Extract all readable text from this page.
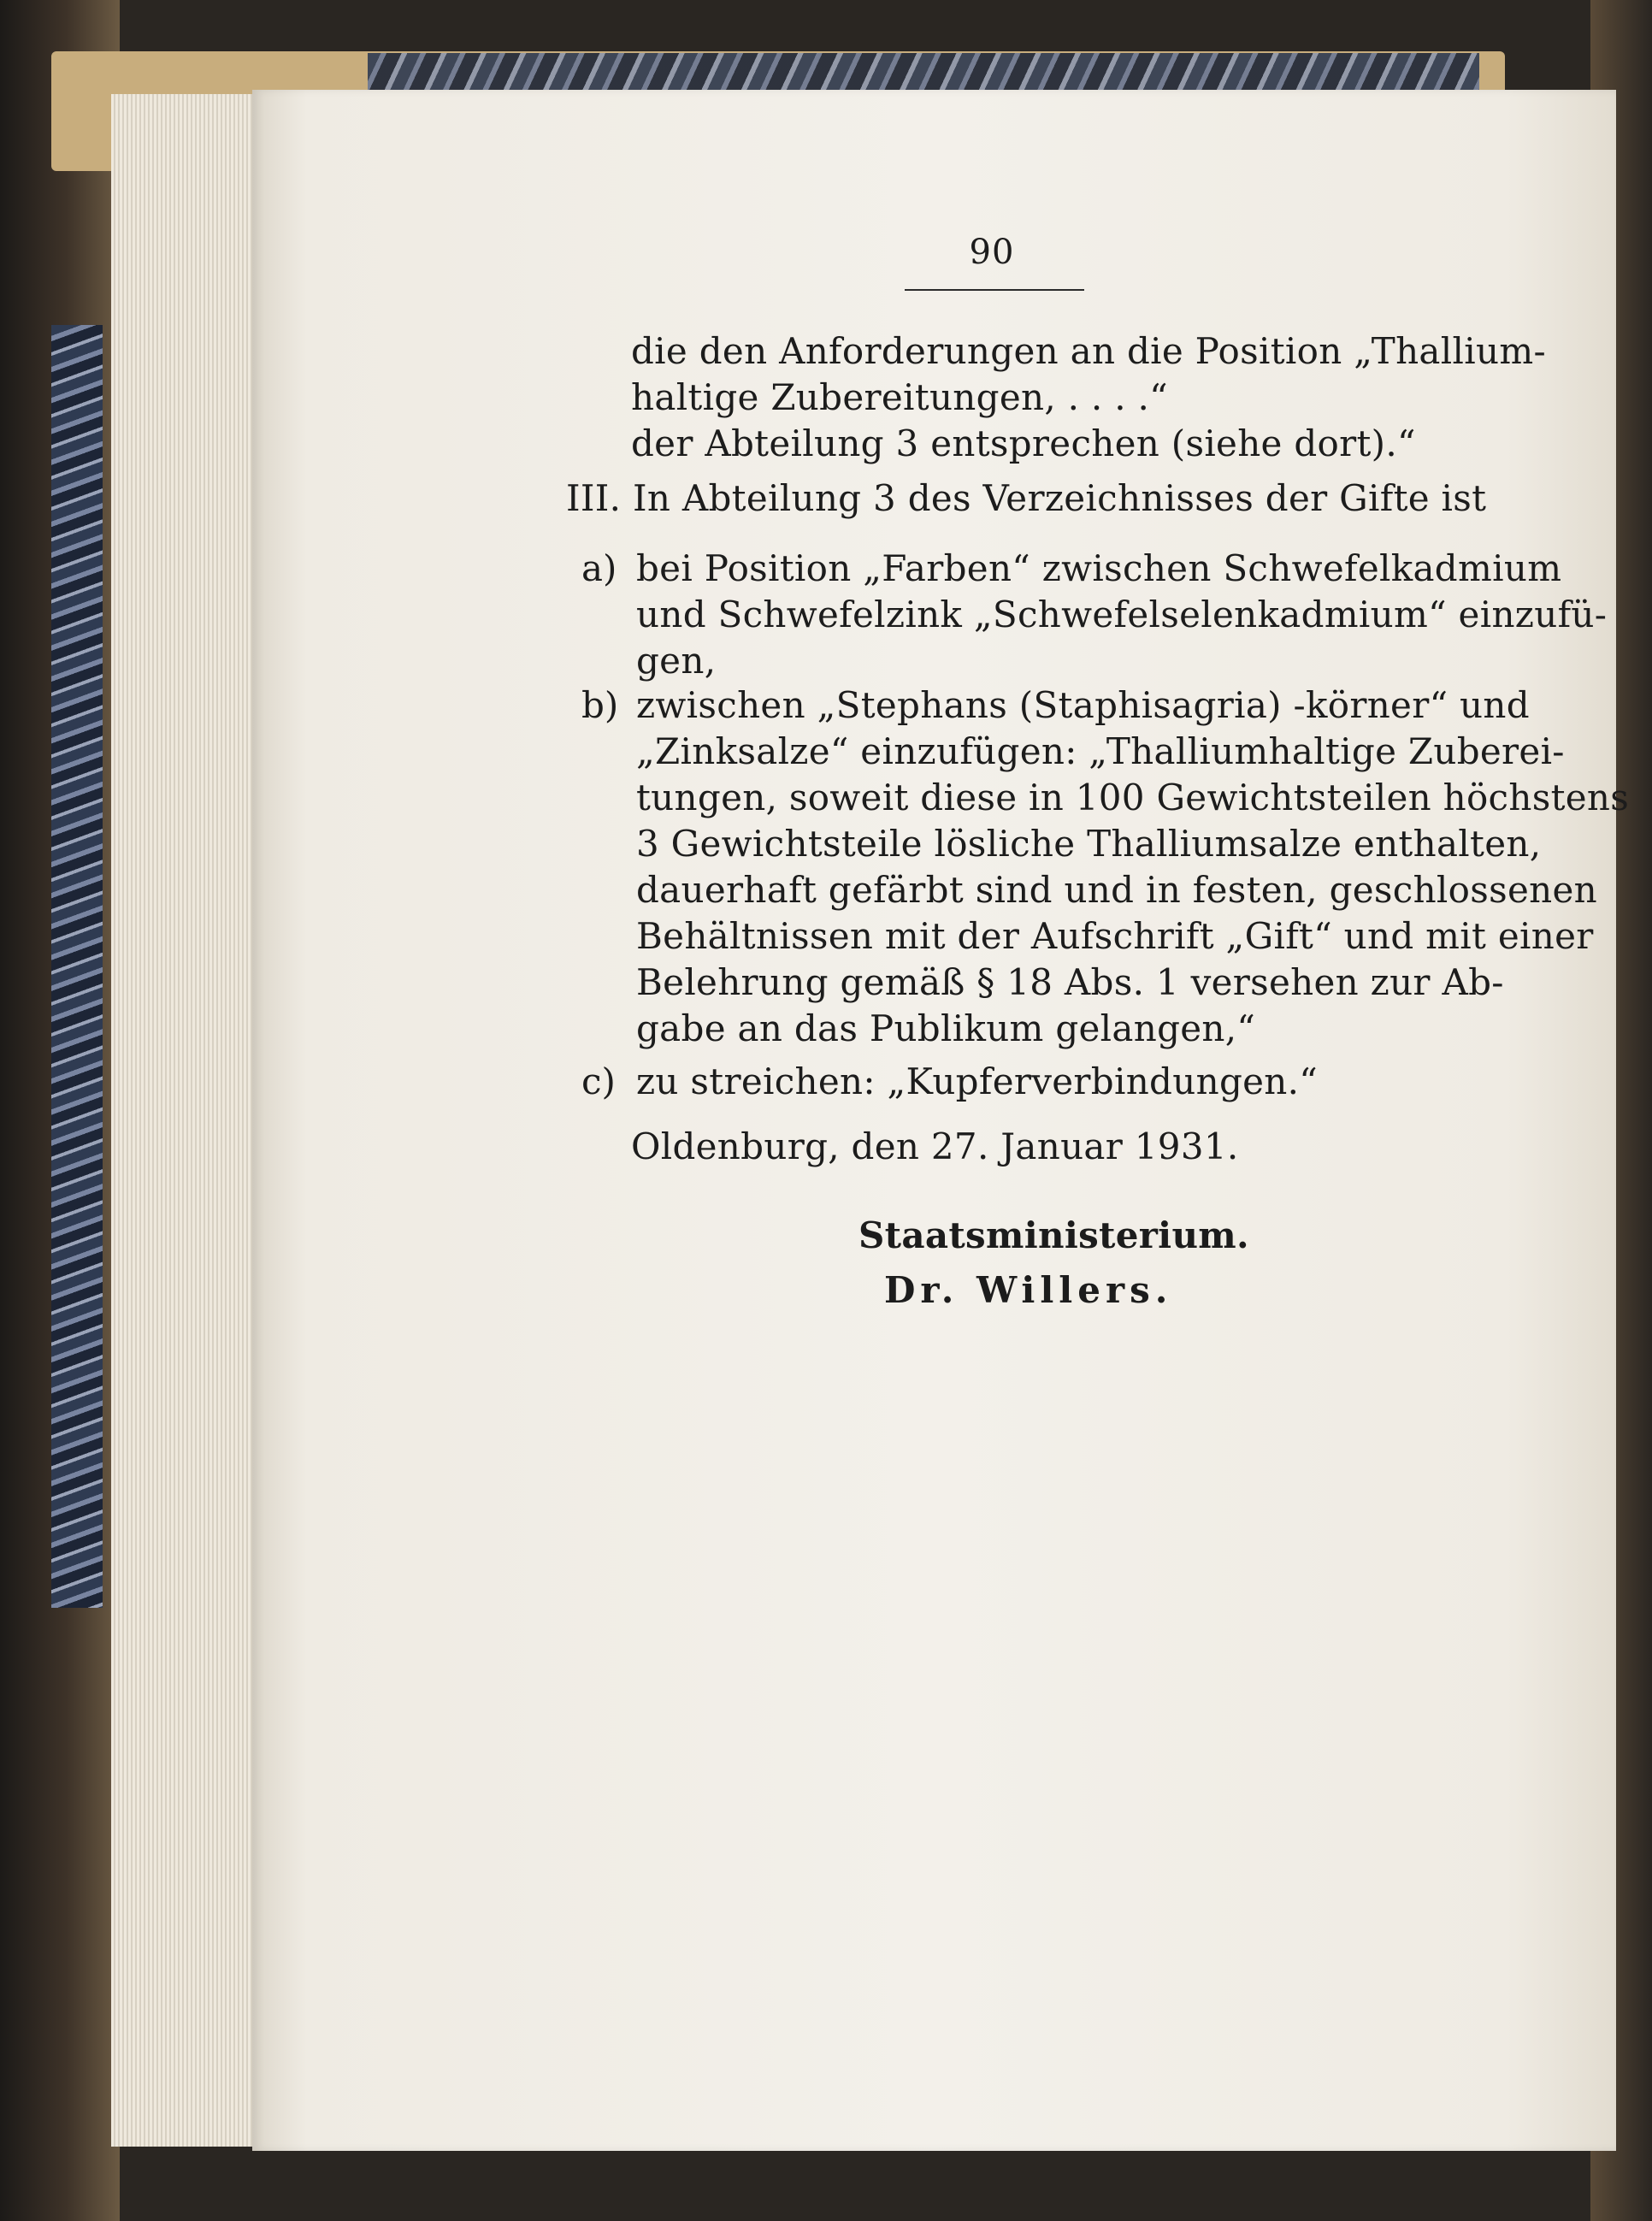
90
die den Anforderungen an die Position „Thallium-
haltige Zubereitungen, . . . .“
der Abteilung 3 entsprechen (siehe dort).“
III. In Abteilung 3 des Verzeichnisses der Gifte ist
a) bei Position „Farben“ zwischen Schwefelkadmium
und Schwefelzink „Schwefelselenkadmium“ einzufü-
gen,
b) zwischen „Stephans (Staphisagria) -körner“ und
„Zinksalze“ einzufügen: „Thalliumhaltige Zuberei-
tungen, soweit diese in 100 Gewichtsteilen höchstens
3 Gewichtsteile lösliche Thalliumsalze enthalten,
dauerhaft gefärbt sind und in festen, geschlossenen
Behältnissen mit der Aufschrift „Gift“ und mit einer
Belehrung gemäß § 18 Abs. 1 versehen zur Ab-
gabe an das Publikum gelangen,“
c) zu streichen: „Kupferverbindungen.“
Oldenburg, den 27. Januar 1931.
Staatsministerium.
Dr. Willers.
